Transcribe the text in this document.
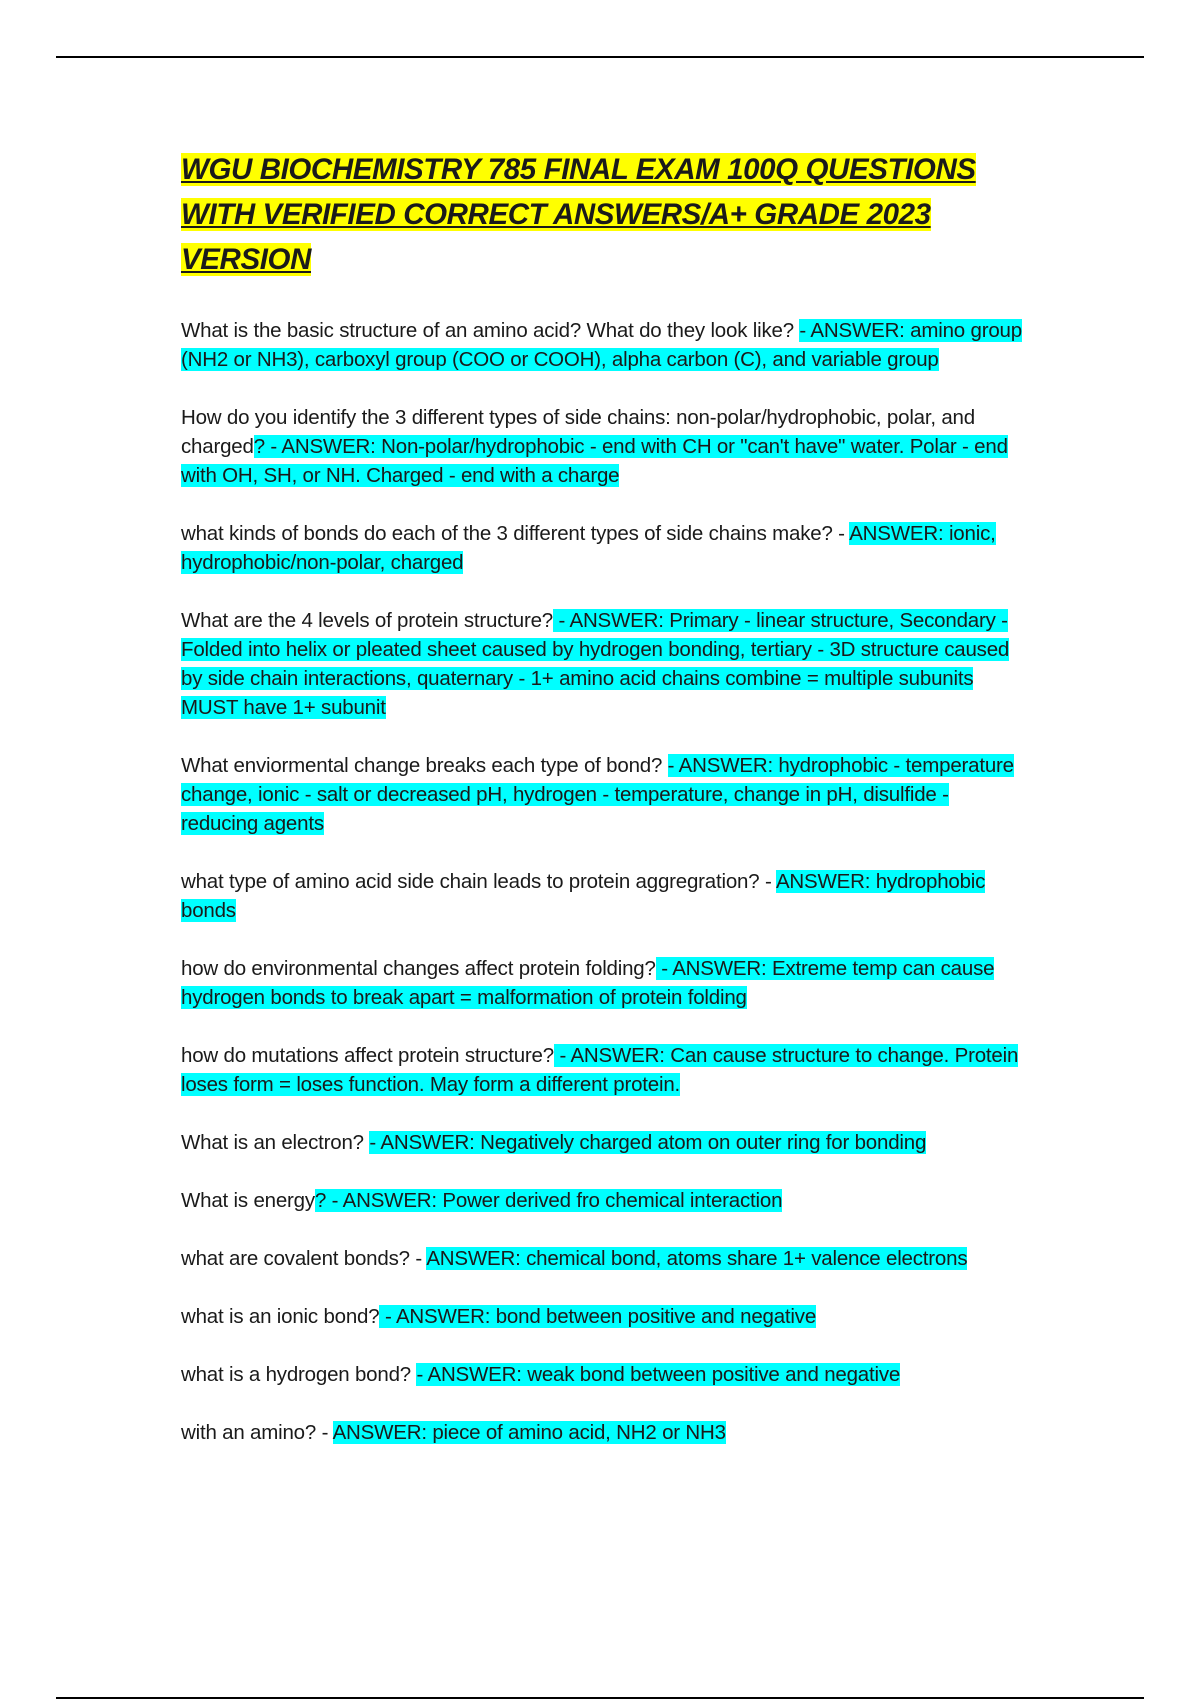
WGU BIOCHEMISTRY 785 FINAL EXAM 100Q QUESTIONS WITH VERIFIED CORRECT ANSWERS/A+ GRADE 2023 VERSION

What is the basic structure of an amino acid? What do they look like? - ANSWER: amino group (NH2 or NH3), carboxyl group (COO or COOH), alpha carbon (C), and variable group

How do you identify the 3 different types of side chains: non-polar/hydrophobic, polar, and charged? - ANSWER: Non-polar/hydrophobic - end with CH or "can't have" water. Polar - end with OH, SH, or NH. Charged - end with a charge

what kinds of bonds do each of the 3 different types of side chains make? - ANSWER: ionic, hydrophobic/non-polar, charged

What are the 4 levels of protein structure? - ANSWER: Primary - linear structure, Secondary - Folded into helix or pleated sheet caused by hydrogen bonding, tertiary - 3D structure caused by side chain interactions, quaternary - 1+ amino acid chains combine = multiple subunits MUST have 1+ subunit

What enviormental change breaks each type of bond? - ANSWER: hydrophobic - temperature change, ionic - salt or decreased pH, hydrogen - temperature, change in pH, disulfide - reducing agents

what type of amino acid side chain leads to protein aggregration? - ANSWER: hydrophobic bonds

how do environmental changes affect protein folding? - ANSWER: Extreme temp can cause hydrogen bonds to break apart = malformation of protein folding

how do mutations affect protein structure? - ANSWER: Can cause structure to change. Protein loses form = loses function. May form a different protein.

What is an electron? - ANSWER: Negatively charged atom on outer ring for bonding

What is energy? - ANSWER: Power derived fro chemical interaction

what are covalent bonds? - ANSWER: chemical bond, atoms share 1+ valence electrons

what is an ionic bond? - ANSWER: bond between positive and negative

what is a hydrogen bond? - ANSWER: weak bond between positive and negative

with an amino? - ANSWER: piece of amino acid, NH2 or NH3
